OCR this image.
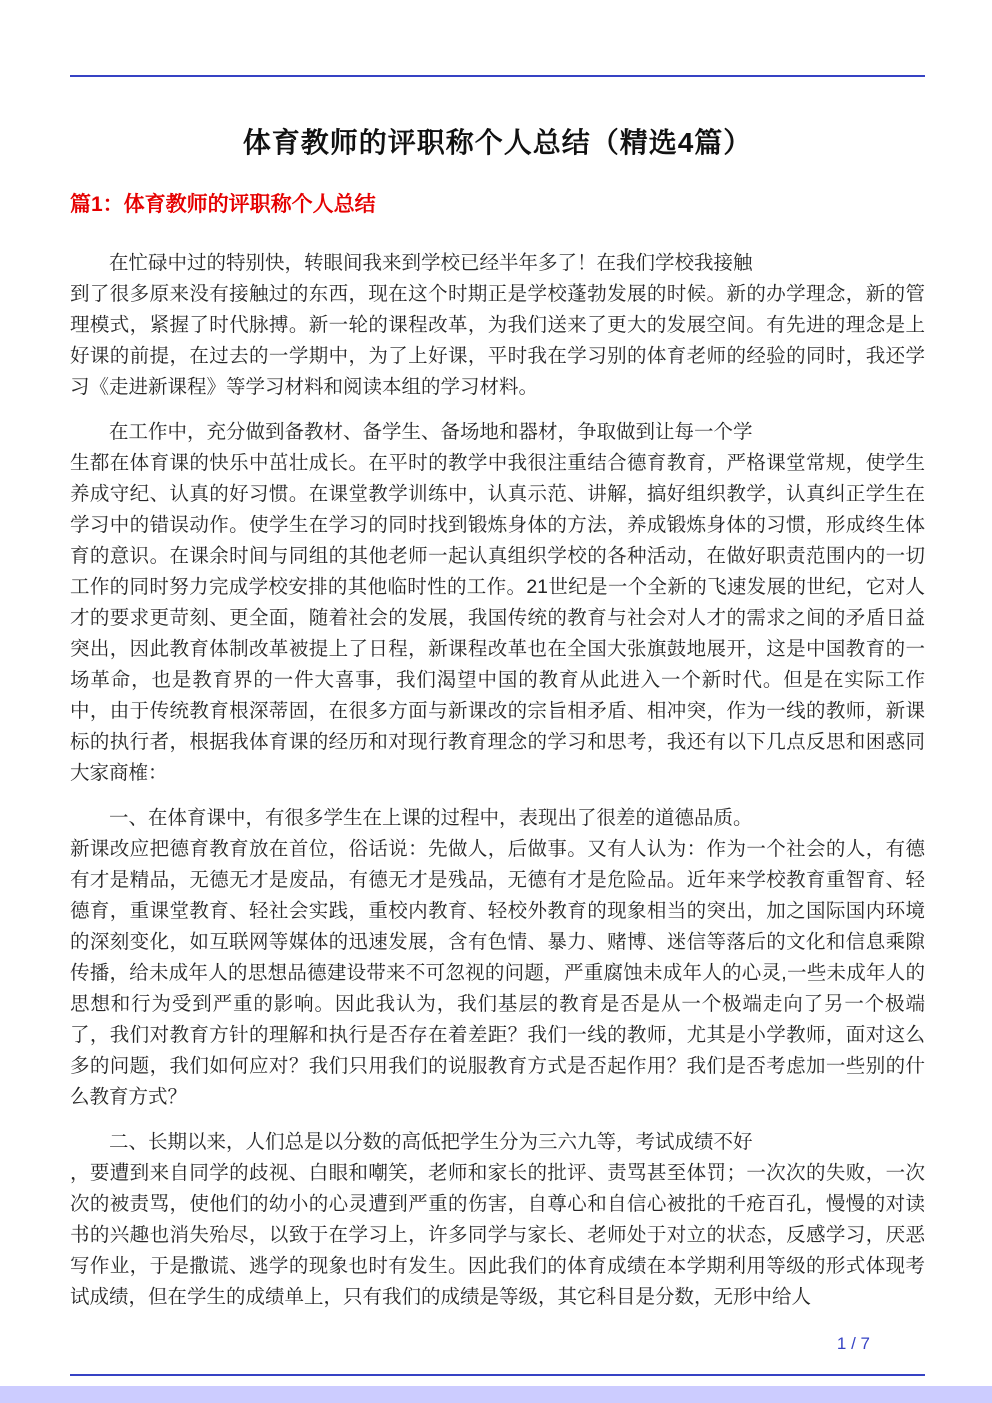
体育教师的评职称个人总结（精选4篇）
篇1：体育教师的评职称个人总结

在忙碌中过的特别快，转眼间我来到学校已经半年多了！在我们学校我接触
到了很多原来没有接触过的东西，现在这个时期正是学校蓬勃发展的时候。新的办学理念，新的管理模式，紧握了时代脉搏。新一轮的课程改革，为我们送来了更大的发展空间。有先进的理念是上好课的前提，在过去的一学期中，为了上好课，平时我在学习别的体育老师的经验的同时，我还学习《走进新课程》等学习材料和阅读本组的学习材料。

在工作中，充分做到备教材、备学生、备场地和器材，争取做到让每一个学
生都在体育课的快乐中茁壮成长。在平时的教学中我很注重结合德育教育，严格课堂常规，使学生养成守纪、认真的好习惯。在课堂教学训练中，认真示范、讲解，搞好组织教学，认真纠正学生在学习中的错误动作。使学生在学习的同时找到锻炼身体的方法，养成锻炼身体的习惯，形成终生体育的意识。在课余时间与同组的其他老师一起认真组织学校的各种活动，在做好职责范围内的一切工作的同时努力完成学校安排的其他临时性的工作。21世纪是一个全新的飞速发展的世纪，它对人才的要求更苛刻、更全面，随着社会的发展，我国传统的教育与社会对人才的需求之间的矛盾日益突出，因此教育体制改革被提上了日程，新课程改革也在全国大张旗鼓地展开，这是中国教育的一场革命，也是教育界的一件大喜事，我们渴望中国的教育从此进入一个新时代。但是在实际工作中，由于传统教育根深蒂固，在很多方面与新课改的宗旨相矛盾、相冲突，作为一线的教师，新课标的执行者，根据我体育课的经历和对现行教育理念的学习和思考，我还有以下几点反思和困惑同大家商榷：

一、在体育课中，有很多学生在上课的过程中，表现出了很差的道德品质。
新课改应把德育教育放在首位，俗话说：先做人，后做事。又有人认为：作为一个社会的人，有德有才是精品，无德无才是废品，有德无才是残品，无德有才是危险品。近年来学校教育重智育、轻德育，重课堂教育、轻社会实践，重校内教育、轻校外教育的现象相当的突出，加之国际国内环境的深刻变化，如互联网等媒体的迅速发展，含有色情、暴力、赌博、迷信等落后的文化和信息乘隙传播，给未成年人的思想品德建设带来不可忽视的问题，严重腐蚀未成年人的心灵,一些未成年人的思想和行为受到严重的影响。因此我认为，我们基层的教育是否是从一个极端走向了另一个极端了，我们对教育方针的理解和执行是否存在着差距？我们一线的教师，尤其是小学教师，面对这么多的问题，我们如何应对？我们只用我们的说服教育方式是否起作用？我们是否考虑加一些别的什么教育方式？

二、长期以来，人们总是以分数的高低把学生分为三六九等，考试成绩不好
，要遭到来自同学的歧视、白眼和嘲笑，老师和家长的批评、责骂甚至体罚；一次次的失败，一次次的被责骂，使他们的幼小的心灵遭到严重的伤害，自尊心和自信心被批的千疮百孔，慢慢的对读书的兴趣也消失殆尽，以致于在学习上，许多同学与家长、老师处于对立的状态，反感学习，厌恶写作业，于是撒谎、逃学的现象也时有发生。因此我们的体育成绩在本学期利用等级的形式体现考试成绩，但在学生的成绩单上，只有我们的成绩是等级，其它科目是分数，无形中给人

1 / 7
